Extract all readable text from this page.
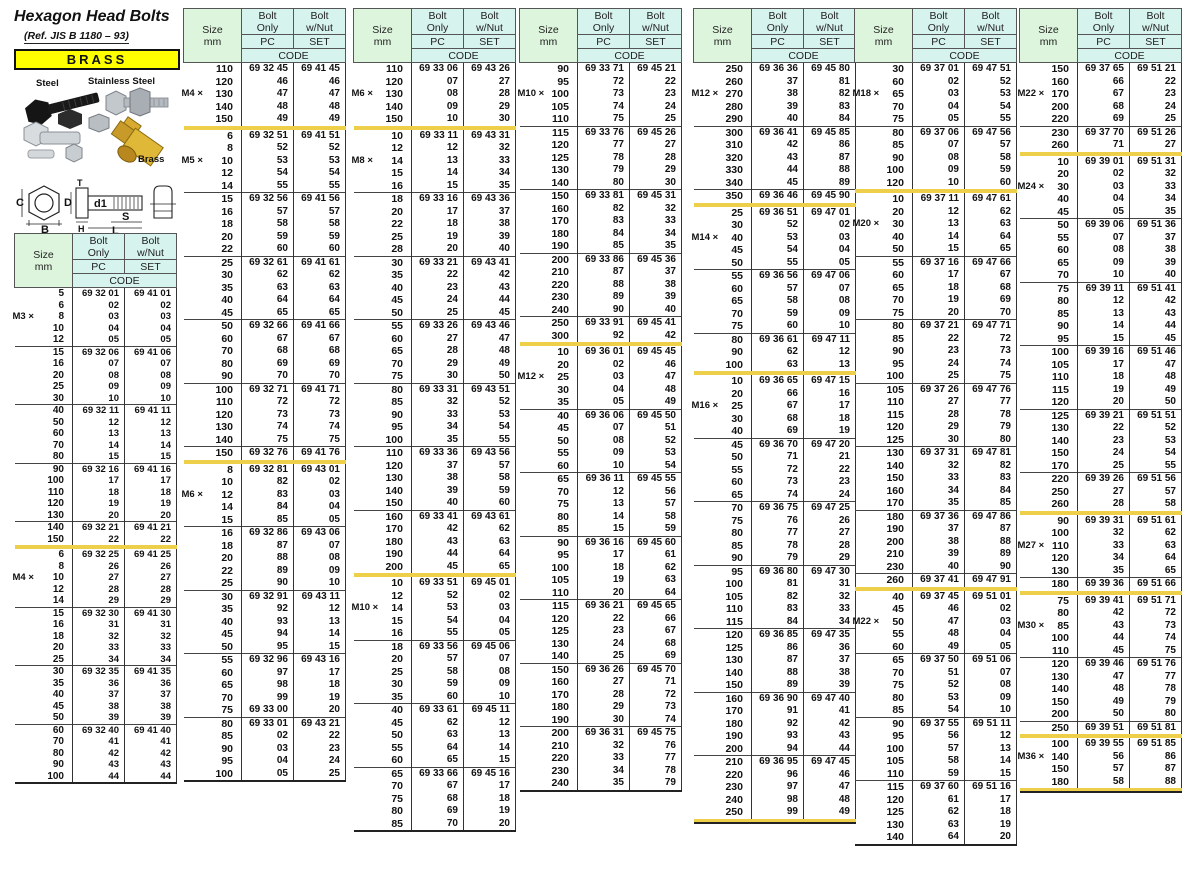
Hexagon Head Bolts
(Ref. JIS B 1180 – 93)
BRASS
Steel	Stainless Steel
Brass
C
B
T
D d1
H	L
S
Size
mm	Bolt
Only	Bolt
w/Nut
	PC	SET
	CODE	

5	69 32 01	69 41 01

6	02	02

M3 × 8	03	03

10	04	04

12	05	05

15	69 32 06	69 41 06

16	07	07

20	08	08

25	09	09

30	10	10

40	69 32 11	69 41 11

50	12	12

60	13	13

70	14	14

80	15	15

90	69 32 16	69 41 16

100	17	17

110	18	18

120	19	19

130	20	20

140	69 32 21	69 41 21

150	22	22

6	69 32 25	69 41 25

8	26	26

M4 × 10	27	27

12	28	28

14	29	29

15	69 32 30	69 41 30

16	31	31

18	32	32

20	33	33

25	34	34

30	69 32 35	69 41 35

35	36	36

40	37	37

45	38	38

50	39	39

60	69 32 40	69 41 40

70	41	41

80	42	42

90	43	43

100	44	44
Size
mm	Bolt
Only	Bolt
w/Nut
	PC	SET
	CODE	

110	69 32 45	69 41 45

120	46	46

M4 × 130	47	47

140	48	48

150	49	49

6	69 32 51	69 41 51

8	52	52

M5 × 10	53	53

12	54	54

14	55	55

15	69 32 56	69 41 56

16	57	57

18	58	58

20	59	59

22	60	60

25	69 32 61	69 41 61

30	62	62

35	63	63

40	64	64

45	65	65

50	69 32 66	69 41 66

60	67	67

70	68	68

80	69	69

90	70	70

100	69 32 71	69 41 71

110	72	72

120	73	73

130	74	74

140	75	75

150	69 32 76	69 41 76

8	69 32 81	69 43 01

10	82	02

M6 × 12	83	03

14	84	04

15	85	05

16	69 32 86	69 43 06

18	87	07

20	88	08

22	89	09

25	90	10

30	69 32 91	69 43 11

35	92	12

40	93	13

45	94	14

50	95	15

55	69 32 96	69 43 16

60	97	17

65	98	18

70	99	19

75	69 33 00	20

80	69 33 01	69 43 21

85	02	22

90	03	23

95	04	24

100	05	25
Size
mm	Bolt
Only	Bolt
w/Nut
	PC	SET
	CODE	

110	69 33 06	69 43 26

120	07	27

M6 × 130	08	28

140	09	29

150	10	30

10	69 33 11	69 43 31

12	12	32

M8 × 14	13	33

15	14	34

16	15	35

18	69 33 16	69 43 36

20	17	37

22	18	38

25	19	39

28	20	40

30	69 33 21	69 43 41

35	22	42

40	23	43

45	24	44

50	25	45

55	69 33 26	69 43 46

60	27	47

65	28	48

70	29	49

75	30	50

80	69 33 31	69 43 51

85	32	52

90	33	53

95	34	54

100	35	55

110	69 33 36	69 43 56

120	37	57

130	38	58

140	39	59

150	40	60

160	69 33 41	69 43 61

170	42	62

180	43	63

190	44	64

200	45	65

10	69 33 51	69 45 01

12	52	02

M10 × 14	53	03

15	54	04

16	55	05

18	69 33 56	69 45 06

20	57	07

25	58	08

30	59	09

35	60	10

40	69 33 61	69 45 11

45	62	12

50	63	13

55	64	14

60	65	15

65	69 33 66	69 45 16

70	67	17

75	68	18

80	69	19

85	70	20
Size
mm	Bolt
Only	Bolt
w/Nut
	PC	SET
	CODE	

90	69 33 71	69 45 21

95	72	22

M10 × 100	73	23

105	74	24

110	75	25

115	69 33 76	69 45 26

120	77	27

125	78	28

130	79	29

140	80	30

150	69 33 81	69 45 31

160	82	32

170	83	33

180	84	34

190	85	35

200	69 33 86	69 45 36

210	87	37

220	88	38

230	89	39

240	90	40

250	69 33 91	69 45 41

300	92	42

10	69 36 01	69 45 45

20	02	46

M12 × 25	03	47

30	04	48

35	05	49

40	69 36 06	69 45 50

45	07	51

50	08	52

55	09	53

60	10	54

65	69 36 11	69 45 55

70	12	56

75	13	57

80	14	58

85	15	59

90	69 36 16	69 45 60

95	17	61

100	18	62

105	19	63

110	20	64

115	69 36 21	69 45 65

120	22	66

125	23	67

130	24	68

140	25	69

150	69 36 26	69 45 70

160	27	71

170	28	72

180	29	73

190	30	74

200	69 36 31	69 45 75

210	32	76

220	33	77

230	34	78

240	35	79
Size
mm	Bolt
Only	Bolt
w/Nut
	PC	SET
	CODE	

250	69 36 36	69 45 80

260	37	81

M12 × 270	38	82

280	39	83

290	40	84

300	69 36 41	69 45 85

310	42	86

320	43	87

330	44	88

340	45	89

350	69 36 46	69 45 90

25	69 36 51	69 47 01

30	52	02

M14 × 40	53	03

45	54	04

50	55	05

55	69 36 56	69 47 06

60	57	07

65	58	08

70	59	09

75	60	10

80	69 36 61	69 47 11

90	62	12

100	63	13

10	69 36 65	69 47 15

20	66	16

M16 × 25	67	17

30	68	18

40	69	19

45	69 36 70	69 47 20

50	71	21

55	72	22

60	73	23

65	74	24

70	69 36 75	69 47 25

75	76	26

80	77	27

85	78	28

90	79	29

95	69 36 80	69 47 30

100	81	31

105	82	32

110	83	33

115	84	34

120	69 36 85	69 47 35

125	86	36

130	87	37

140	88	38

150	89	39

160	69 36 90	69 47 40

170	91	41

180	92	42

190	93	43

200	94	44

210	69 36 95	69 47 45

220	96	46

230	97	47

240	98	48

250	99	49

Size
mm	Bolt
Only	Bolt
w/Nut
	PC	SET
	CODE	

30	69 37 01	69 47 51

60	02	52

M18 × 65	03	53

70	04	54

75	05	55

80	69 37 06	69 47 56

85	07	57

90	08	58

100	09	59

120	10	60

10	69 37 11	69 47 61

20	12	62

M20 × 30	13	63

40	14	64

50	15	65

55	69 37 16	69 47 66

60	17	67

65	18	68

70	19	69

75	20	70

80	69 37 21	69 47 71

85	22	72

90	23	73

95	24	74

100	25	75

105	69 37 26	69 47 76

110	27	77

115	28	78

120	29	79

125	30	80

130	69 37 31	69 47 81

140	32	82

150	33	83

160	34	84

170	35	85

180	69 37 36	69 47 86

190	37	87

200	38	88

210	39	89

230	40	90

260	69 37 41	69 47 91

40	69 37 45	69 51 01

45	46	02

M22 × 50	47	03

55	48	04

60	49	05

65	69 37 50	69 51 06

70	51	07

75	52	08

80	53	09

85	54	10

90	69 37 55	69 51 11

95	56	12

100	57	13

105	58	14

110	59	15

115	69 37 60	69 51 16

120	61	17

125	62	18

130	63	19

140	64	20
Size
mm	Bolt
Only	Bolt
w/Nut
	PC	SET
	CODE	

150	69 37 65	69 51 21

160	66	22

M22 × 170	67	23

200	68	24

220	69	25

230	69 37 70	69 51 26

260	71	27

10	69 39 01	69 51 31

20	02	32

M24 × 30	03	33

40	04	34

45	05	35

50	69 39 06	69 51 36

55	07	37

60	08	38

65	09	39

70	10	40

75	69 39 11	69 51 41

80	12	42

85	13	43

90	14	44

95	15	45

100	69 39 16	69 51 46

105	17	47

110	18	48

115	19	49

120	20	50

125	69 39 21	69 51 51

130	22	52

140	23	53

150	24	54

170	25	55

220	69 39 26	69 51 56

250	27	57

260	28	58

90	69 39 31	69 51 61

100	32	62

M27 × 110	33	63

120	34	64

130	35	65

180	69 39 36	69 51 66

75	69 39 41	69 51 71

80	42	72

M30 × 85	43	73

100	44	74

110	45	75

120	69 39 46	69 51 76

130	47	77

140	48	78

150	49	79

200	50	80

250	69 39 51	69 51 81

100	69 39 55	69 51 85

M36 × 140	56	86

150	57	87

180	58	88
